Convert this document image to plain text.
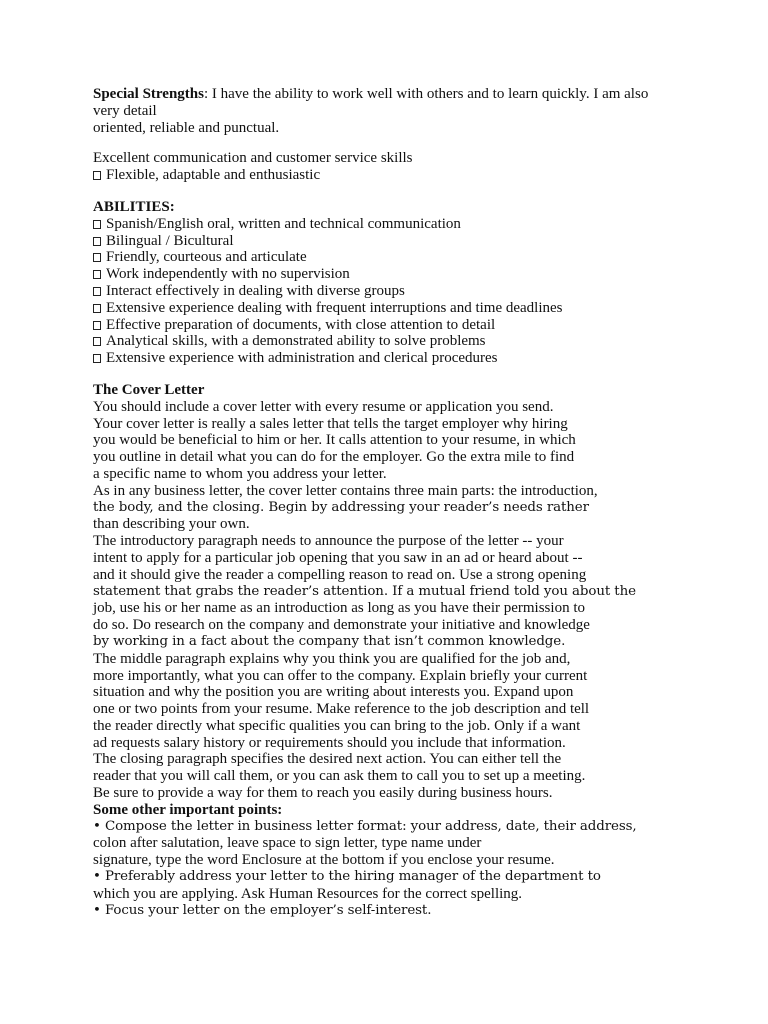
Special Strengths: I have the ability to work well with others and to learn quickly. I am also
very detail
oriented, reliable and punctual.
Excellent communication and customer service skills
Flexible, adaptable and enthusiastic
ABILITIES:
Spanish/English oral, written and technical communication
Bilingual / Bicultural
Friendly, courteous and articulate
Work independently with no supervision
Interact effectively in dealing with diverse groups
Extensive experience dealing with frequent interruptions and time deadlines
Effective preparation of documents, with close attention to detail
Analytical skills, with a demonstrated ability to solve problems
Extensive experience with administration and clerical procedures
The Cover Letter
You should include a cover letter with every resume or application you send.
Your cover letter is really a sales letter that tells the target employer why hiring
you would be beneficial to him or her. It calls attention to your resume, in which
you outline in detail what you can do for the employer. Go the extra mile to find
a specific name to whom you address your letter.
As in any business letter, the cover letter contains three main parts: the introduction,
the body, and the closing. Begin by addressing your reader’s needs rather
than describing your own.
The introductory paragraph needs to announce the purpose of the letter -- your
intent to apply for a particular job opening that you saw in an ad or heard about --
and it should give the reader a compelling reason to read on. Use a strong opening
statement that grabs the reader’s attention. If a mutual friend told you about the
job, use his or her name as an introduction as long as you have their permission to
do so. Do research on the company and demonstrate your initiative and knowledge
by working in a fact about the company that isn’t common knowledge.
The middle paragraph explains why you think you are qualified for the job and,
more importantly, what you can offer to the company. Explain briefly your current
situation and why the position you are writing about interests you. Expand upon
one or two points from your resume. Make reference to the job description and tell
the reader directly what specific qualities you can bring to the job. Only if a want
ad requests salary history or requirements should you include that information.
The closing paragraph specifies the desired next action. You can either tell the
reader that you will call them, or you can ask them to call you to set up a meeting.
Be sure to provide a way for them to reach you easily during business hours.
Some other important points:
• Compose the letter in business letter format: your address, date, their address,
colon after salutation, leave space to sign letter, type name under
signature, type the word Enclosure at the bottom if you enclose your resume.
• Preferably address your letter to the hiring manager of the department to
which you are applying. Ask Human Resources for the correct spelling.
• Focus your letter on the employer’s self-interest.
